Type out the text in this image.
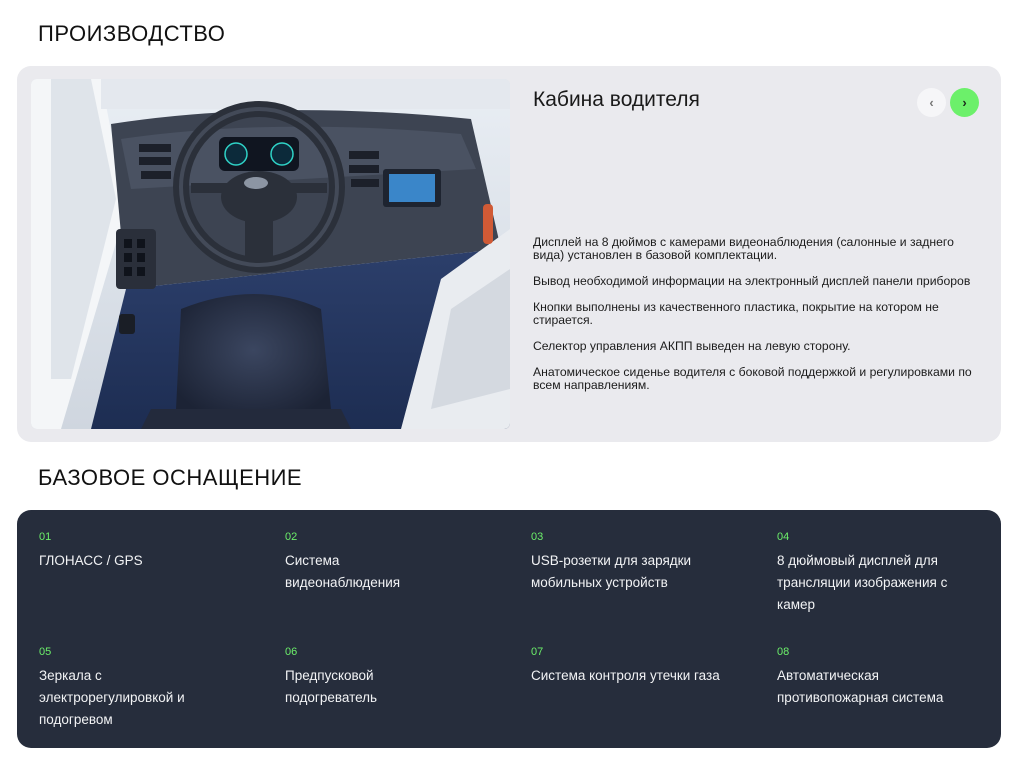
ПРОИЗВОДСТВО
Кабина водителя	‹ ›

Дисплей на 8 дюймов с камерами видеонаблюдения (салонные и заднего вида) установлен в базовой комплектации.

Вывод необходимой информации на электронный дисплей панели приборов

Кнопки выполнены из качественного пластика, покрытие на котором не стирается.

Селектор управления АКПП выведен на левую сторону.

Анатомическое сиденье водителя с боковой поддержкой и регулировками по всем направлениям.

БАЗОВОЕ ОСНАЩЕНИЕ
01
ГЛОНАСС / GPS
02
Система видеонаблюдения
03
USB-розетки для зарядки мобильных устройств
04
8 дюймовый дисплей для трансляции изображения с камер
05
Зеркала с электрорегулировкой и подогревом
06
Предпусковой подогреватель
07
Система контроля утечки газа
08
Автоматическая противопожарная система
